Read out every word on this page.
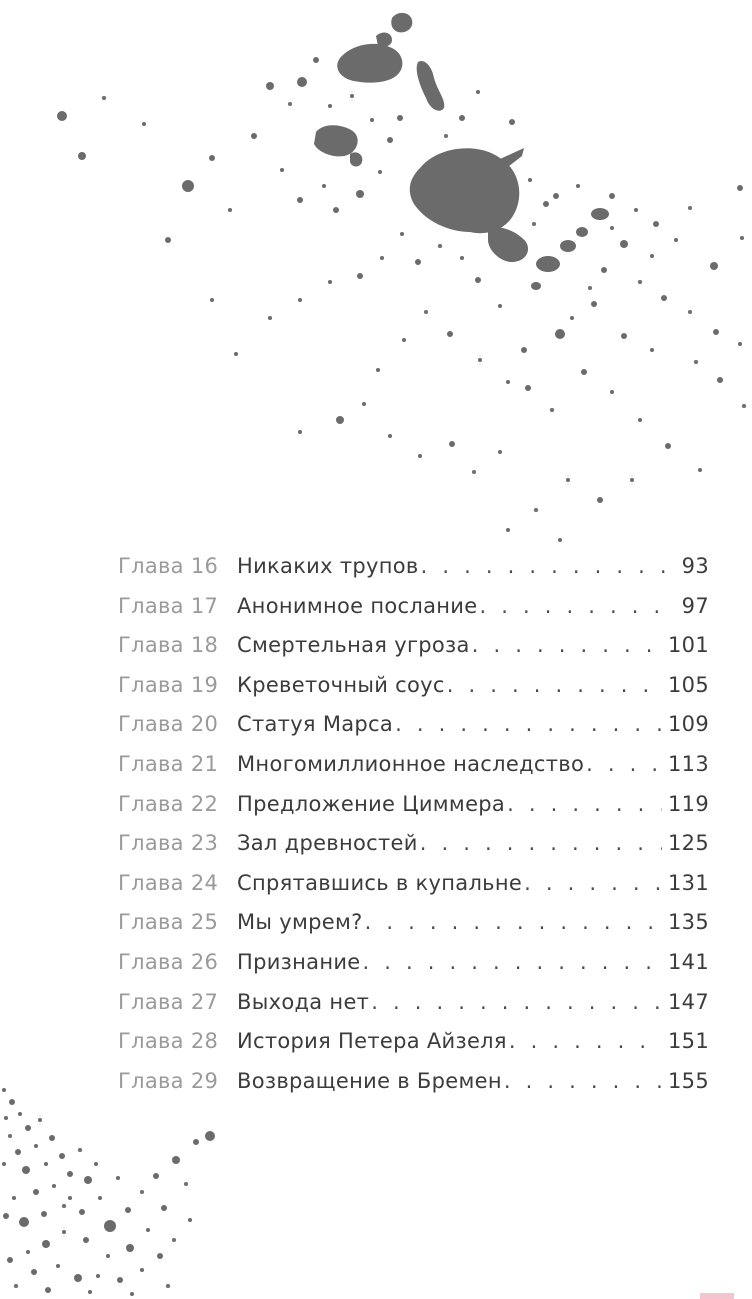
Глава 16 Никаких трупов . . .	93
Глава 17 Анонимное послание . . .	97
Глава 18 Смертельная угроза . . .	101
Глава 19 Креветочный соус . . .	105
Глава 20 Статуя Марса . . .	109
Глава 21 Многомиллионное наследство . . .	113
Глава 22 Предложение Циммера . . .	119
Глава 23 Зал древностей . . .	125
Глава 24 Спрятавшись в купальне . . .	131
Глава 25 Мы умрем? . . .	135
Глава 26 Признание . . .	141
Глава 27 Выхода нет . . .	147
Глава 28 История Петера Айзеля . . .	151
Глава 29 Возвращение в Бремен . . .	155
